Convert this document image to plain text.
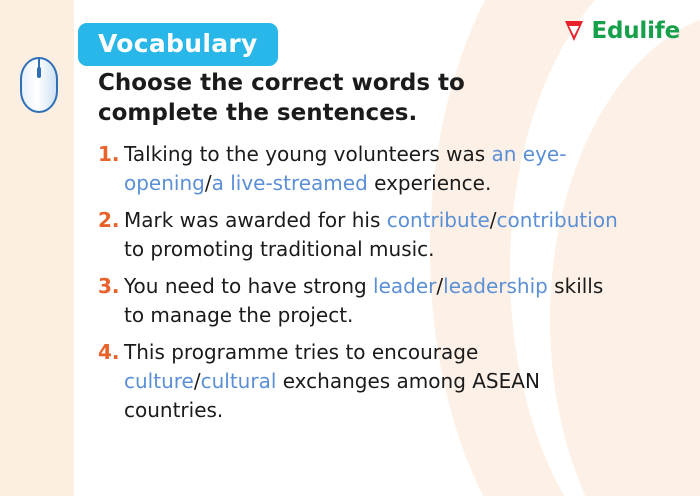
Vocabulary	Edulife
Choose the correct words to complete the sentences.
1. Talking to the young volunteers was an eye-opening/a live-streamed experience.
2. Mark was awarded for his contribute/contribution to promoting traditional music.
3. You need to have strong leader/leadership skills to manage the project.
4. This programme tries to encourage culture/cultural exchanges among ASEAN countries.
